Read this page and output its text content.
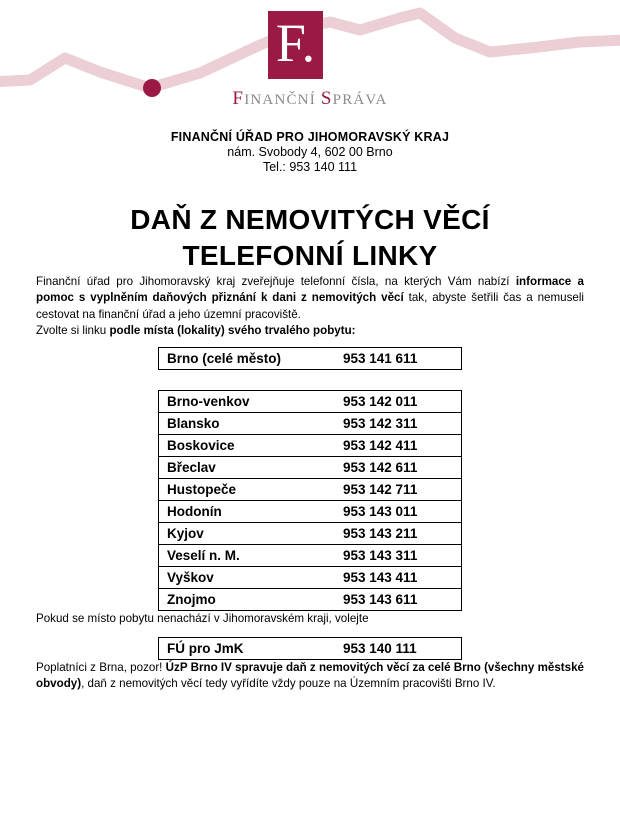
F.
FINANČNÍ SPRÁVA
FINANČNÍ ÚŘAD PRO JIHOMORAVSKÝ KRAJ
nám. Svobody 4, 602 00 Brno
Tel.: 953 140 111
DAŇ Z NEMOVITÝCH VĚCÍ
TELEFONNÍ LINKY

Finanční úřad pro Jihomoravský kraj zveřejňuje telefonní čísla, na kterých Vám nabízí informace a pomoc s vyplněním daňových přiznání k dani z nemovitých věcí tak, abyste šetřili čas a nemuseli cestovat na finanční úřad a jeho územní pracoviště.

Zvolte si linku podle místa (lokality) svého trvalého pobytu:

Brno (celé město)	953 141 611
Brno-venkov	953 142 011
Blansko	953 142 311
Boskovice	953 142 411
Břeclav	953 142 611
Hustopeče	953 142 711
Hodonín	953 143 011
Kyjov	953 143 211
Veselí n. M.	953 143 311
Vyškov	953 143 411
Znojmo	953 143 611

Pokud se místo pobytu nenachází v Jihomoravském kraji, volejte

FÚ pro JmK	953 140 111

Poplatníci z Brna, pozor! ÚzP Brno IV spravuje daň z nemovitých věcí za celé Brno (všechny městské obvody), daň z nemovitých věcí tedy vyřídíte vždy pouze na Územním pracovišti Brno IV.
